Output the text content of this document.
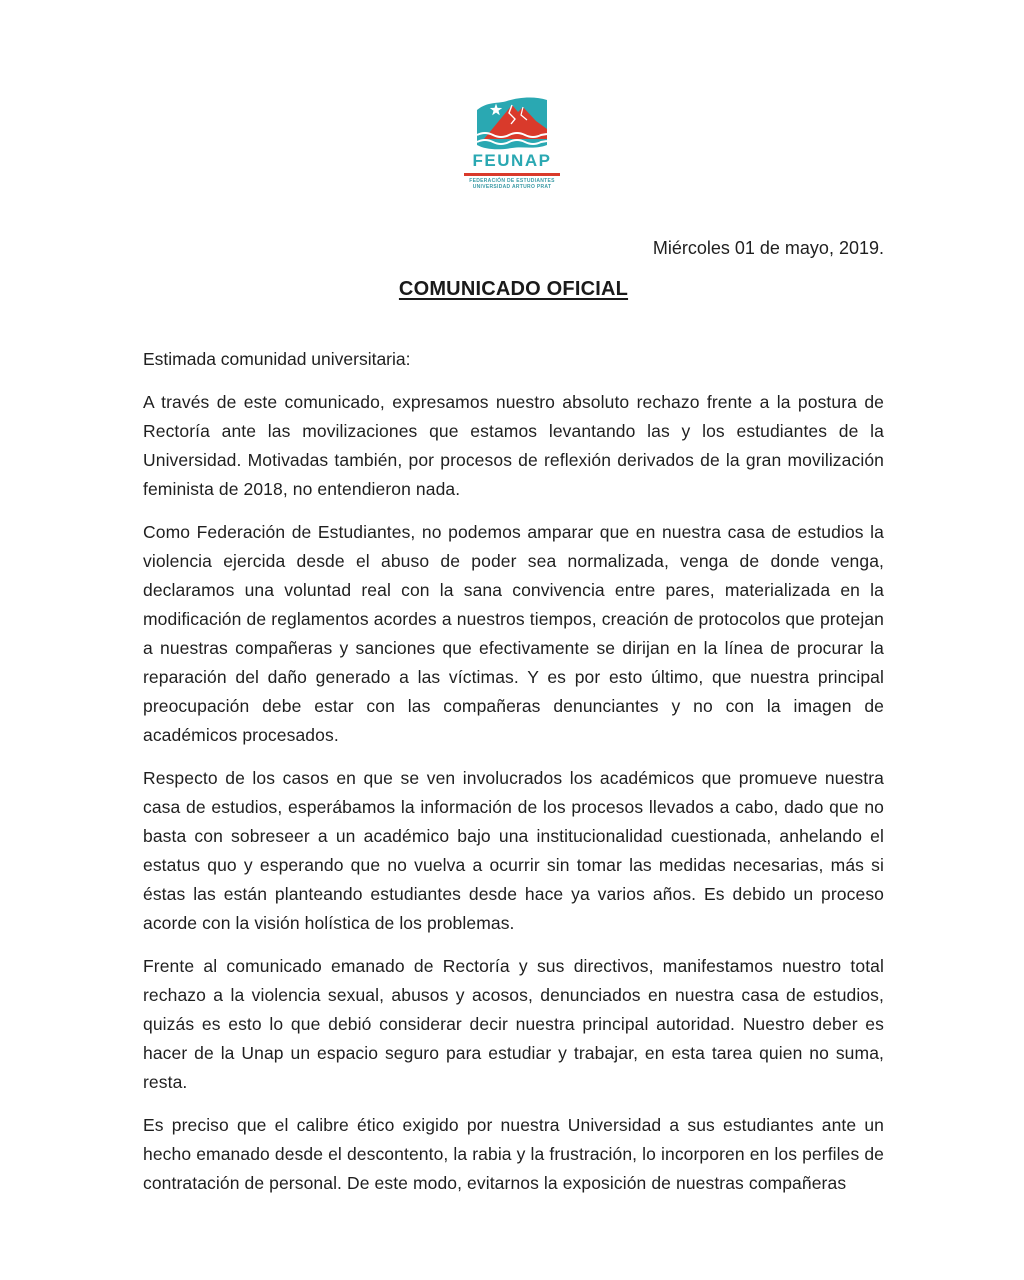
FEUNAP
FEDERACIÓN DE ESTUDIANTES
UNIVERSIDAD ARTURO PRAT
Miércoles 01 de mayo, 2019.
COMUNICADO OFICIAL

Estimada comunidad universitaria:

A través de este comunicado, expresamos nuestro absoluto rechazo frente a la postura de Rectoría ante las movilizaciones que estamos levantando las y los estudiantes de la Universidad. Motivadas también, por procesos de reflexión derivados de la gran movilización feminista de 2018, no entendieron nada.

Como Federación de Estudiantes, no podemos amparar que en nuestra casa de estudios la violencia ejercida desde el abuso de poder sea normalizada, venga de donde venga, declaramos una voluntad real con la sana convivencia entre pares, materializada en la modificación de reglamentos acordes a nuestros tiempos, creación de protocolos que protejan a nuestras compañeras y sanciones que efectivamente se dirijan en la línea de procurar la reparación del daño generado a las víctimas. Y es por esto último, que nuestra principal preocupación debe estar con las compañeras denunciantes y no con la imagen de académicos procesados.

Respecto de los casos en que se ven involucrados los académicos que promueve nuestra casa de estudios, esperábamos la información de los procesos llevados a cabo, dado que no basta con sobreseer a un académico bajo una institucionalidad cuestionada, anhelando el estatus quo y esperando que no vuelva a ocurrir sin tomar las medidas necesarias, más si éstas las están planteando estudiantes desde hace ya varios años. Es debido un proceso acorde con la visión holística de los problemas.

Frente al comunicado emanado de Rectoría y sus directivos, manifestamos nuestro total rechazo a la violencia sexual, abusos y acosos, denunciados en nuestra casa de estudios, quizás es esto lo que debió considerar decir nuestra principal autoridad. Nuestro deber es hacer de la Unap un espacio seguro para estudiar y trabajar, en esta tarea quien no suma, resta.

Es preciso que el calibre ético exigido por nuestra Universidad a sus estudiantes ante un hecho emanado desde el descontento, la rabia y la frustración, lo incorporen en los perfiles de contratación de personal. De este modo, evitarnos la exposición de nuestras compañeras
